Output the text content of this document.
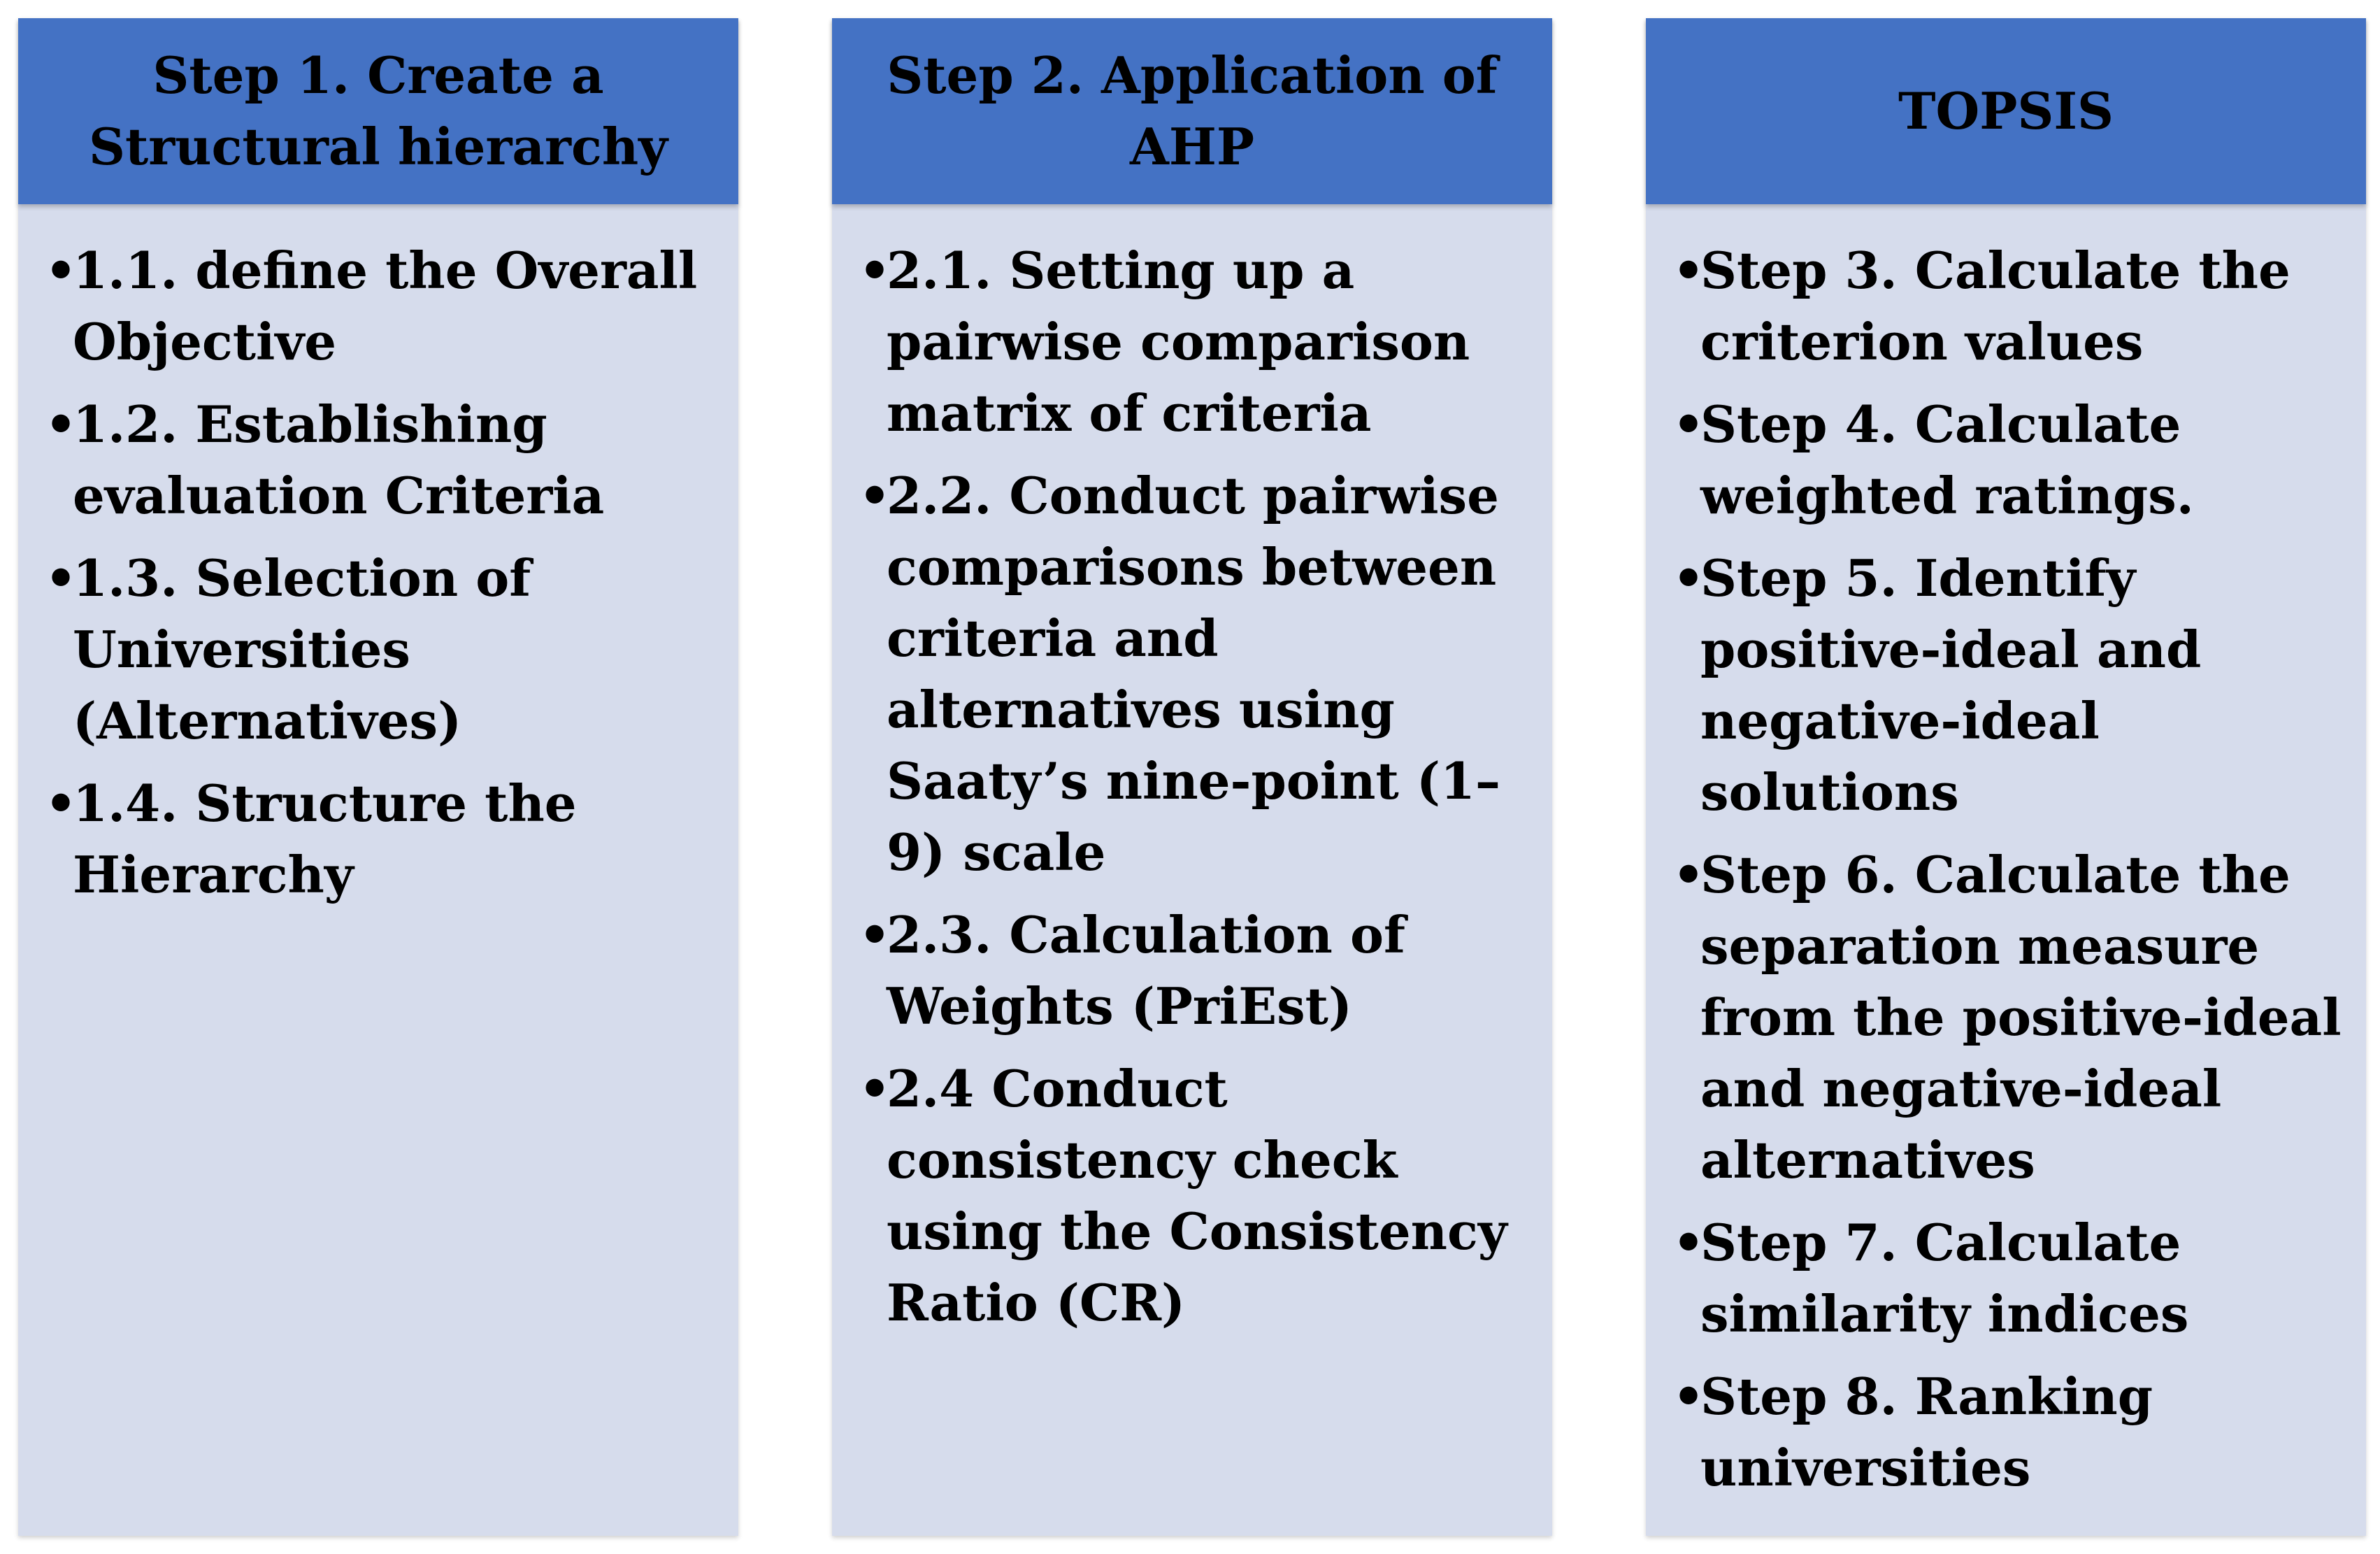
Step 1. Create a Structural hierarchy
•
1.1. define the Overall Objective
•
1.2. Establishing evaluation Criteria
•
1.3. Selection of Universities (Alternatives)
•
1.4. Structure the Hierarchy
Step 2. Application of AHP
•
2.1. Setting up a pairwise comparison matrix of criteria
•
2.2. Conduct pairwise comparisons between criteria and alternatives using Saaty’s nine-point (1–9) scale
•
2.3. Calculation of Weights (PriEst)
•
2.4 Conduct consistency check using the Consistency Ratio (CR)
TOPSIS
•
Step 3. Calculate the criterion values
•
Step 4. Calculate weighted ratings.
•
Step 5. Identify positive-ideal and negative-ideal solutions
•
Step 6. Calculate the separation measure from the positive-ideal and negative-ideal alternatives
•
Step 7. Calculate similarity indices
•
Step 8. Ranking universities
